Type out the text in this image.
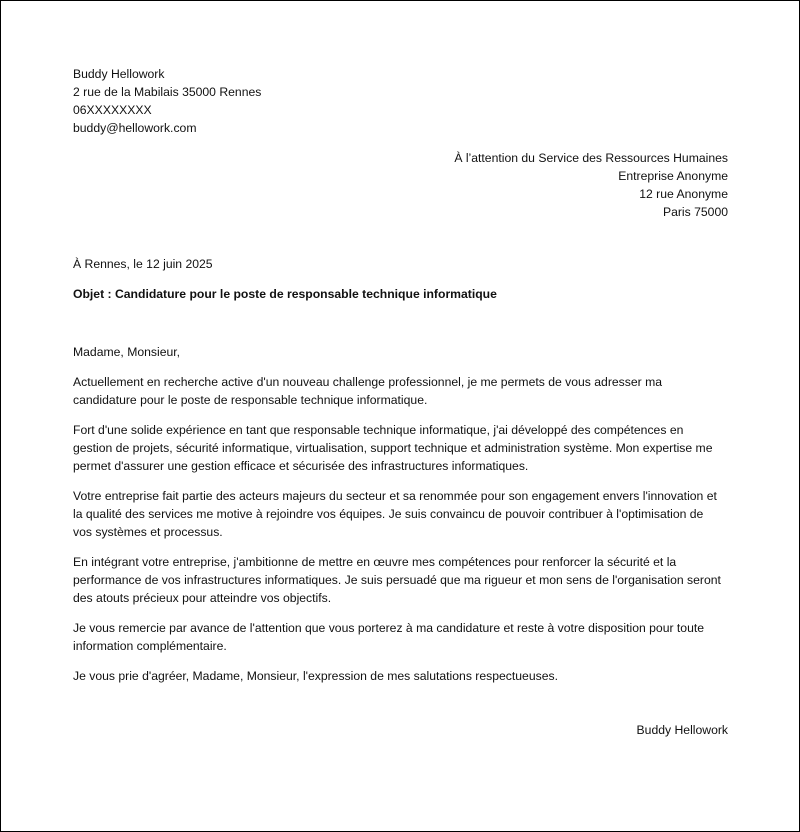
Buddy Hellowork

2 rue de la Mabilais 35000 Rennes

06XXXXXXXX

buddy@hellowork.com

À l’attention du Service des Ressources Humaines

Entreprise Anonyme

12 rue Anonyme

Paris 75000

À Rennes, le 12 juin 2025

Objet : Candidature pour le poste de responsable technique informatique

Madame, Monsieur,

Actuellement en recherche active d'un nouveau challenge professionnel, je me permets de vous adresser ma candidature pour le poste de responsable technique informatique.

Fort d'une solide expérience en tant que responsable technique informatique, j'ai développé des compétences en gestion de projets, sécurité informatique, virtualisation, support technique et administration système. Mon expertise me permet d'assurer une gestion efficace et sécurisée des infrastructures informatiques.

Votre entreprise fait partie des acteurs majeurs du secteur et sa renommée pour son engagement envers l'innovation et la qualité des services me motive à rejoindre vos équipes. Je suis convaincu de pouvoir contribuer à l'optimisation de vos systèmes et processus.

En intégrant votre entreprise, j'ambitionne de mettre en œuvre mes compétences pour renforcer la sécurité et la performance de vos infrastructures informatiques. Je suis persuadé que ma rigueur et mon sens de l'organisation seront des atouts précieux pour atteindre vos objectifs.

Je vous remercie par avance de l'attention que vous porterez à ma candidature et reste à votre disposition pour toute information complémentaire.

Je vous prie d'agréer, Madame, Monsieur, l'expression de mes salutations respectueuses.

Buddy Hellowork
